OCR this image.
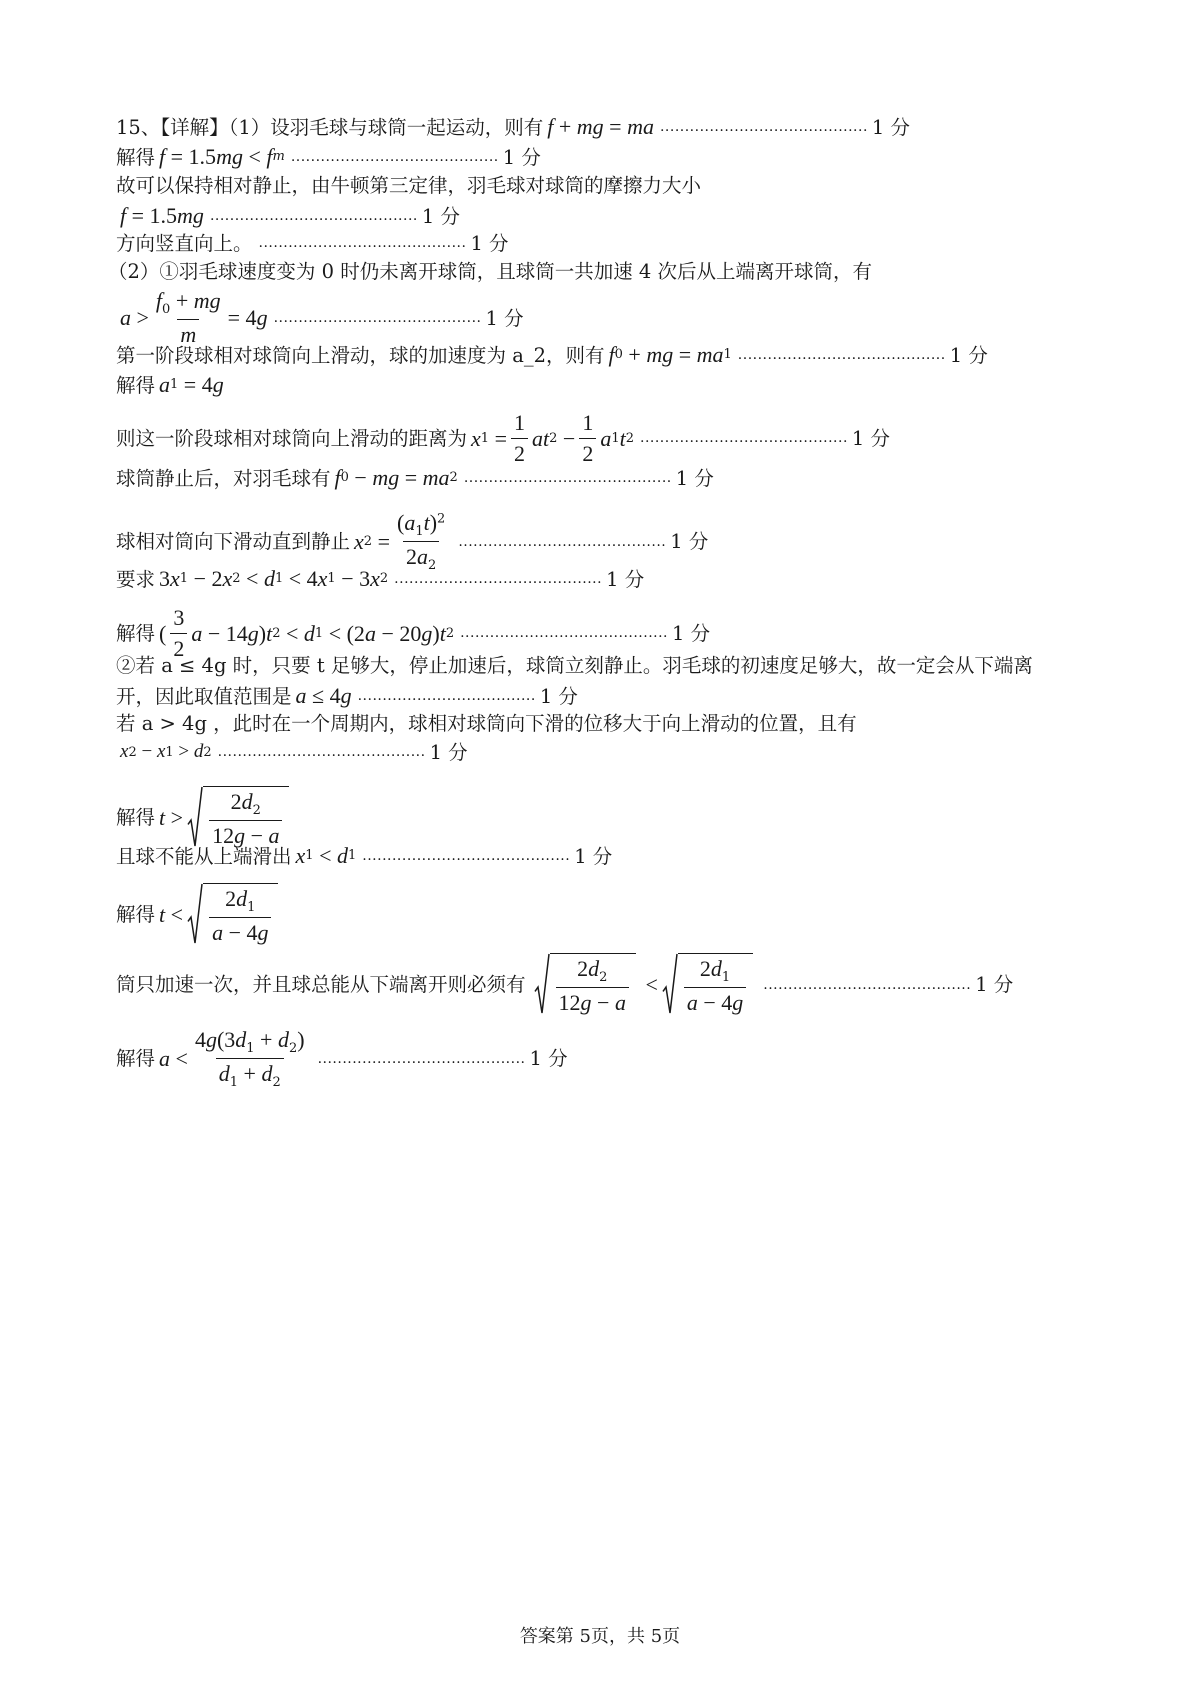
15、【详解】（1）设羽毛球与球筒一起运动，则有 f + mg = ma .......................................... 1 分
解得 f = 1.5 mg < f m .......................................... 1 分
故可以保持相对静止，由牛顿第三定律，羽毛球对球筒的摩擦力大小
f = 1.5 mg .......................................... 1 分
方向竖直向上。 .......................................... 1 分
（2）①羽毛球速度变为 0 时仍未离开球筒，且球筒一共加速 4 次后从上端离开球筒，有
$a > \frac{f_0 + mg}{m} = 4$ g .......................................... 1 分
第一阶段球相对球筒向上滑动，球的加速度为 a_2，则有 f 0 + mg = ma 1 .......................................... 1 分
解得 a 1 = 4 g
则这一阶段球相对球筒向上滑动的距离为 x $1 = \frac{1}{2}$ at $2 - \frac{1}{2}$ a 1 t 2 .......................................... 1 分
球筒静止后，对羽毛球有 f 0 − mg = ma 2 .......................................... 1 分
球相对筒向下滑动直到静止 x $2 = \frac{(a_1t)^2}{2a_2}$ .......................................... 1 分
要求 3 x 1 − 2 x 2 < d 1 < 4 x 1 − 3 x 2 .......................................... 1 分
解得 ( $\frac{3}{2}$ a − 14 g ) t 2 < d 1 < (2 a − 20 g ) t 2 .......................................... 1 分
②若 a ≤ 4g 时，只要 t 足够大，停止加速后，球筒立刻静止。羽毛球的初速度足够大，故一定会从下端离
开，因此取值范围是 a ≤ 4 g .................................... 1 分
若 a > 4g ，此时在一个周期内，球相对球筒向下滑的位移大于向上滑动的位置，且有
x 2 − x 1 > d 2 .......................................... 1 分
解得 $t > \frac{2d_2}{12g - a}$
且球不能从上端滑出 x 1 < d 1 .......................................... 1 分
解得 $t < \frac{2d_1}{a - 4g}$
筒只加速一次，并且球总能从下端离开则必须有 $\frac{2d_2}{12g - a} < \frac{2d_1}{a - 4g}$ .......................................... 1 分
解得 $a < \frac{4g(3d_1 + d_2)}{d_1 + d_2}$ .......................................... 1 分
答案第 5页，共 5页
